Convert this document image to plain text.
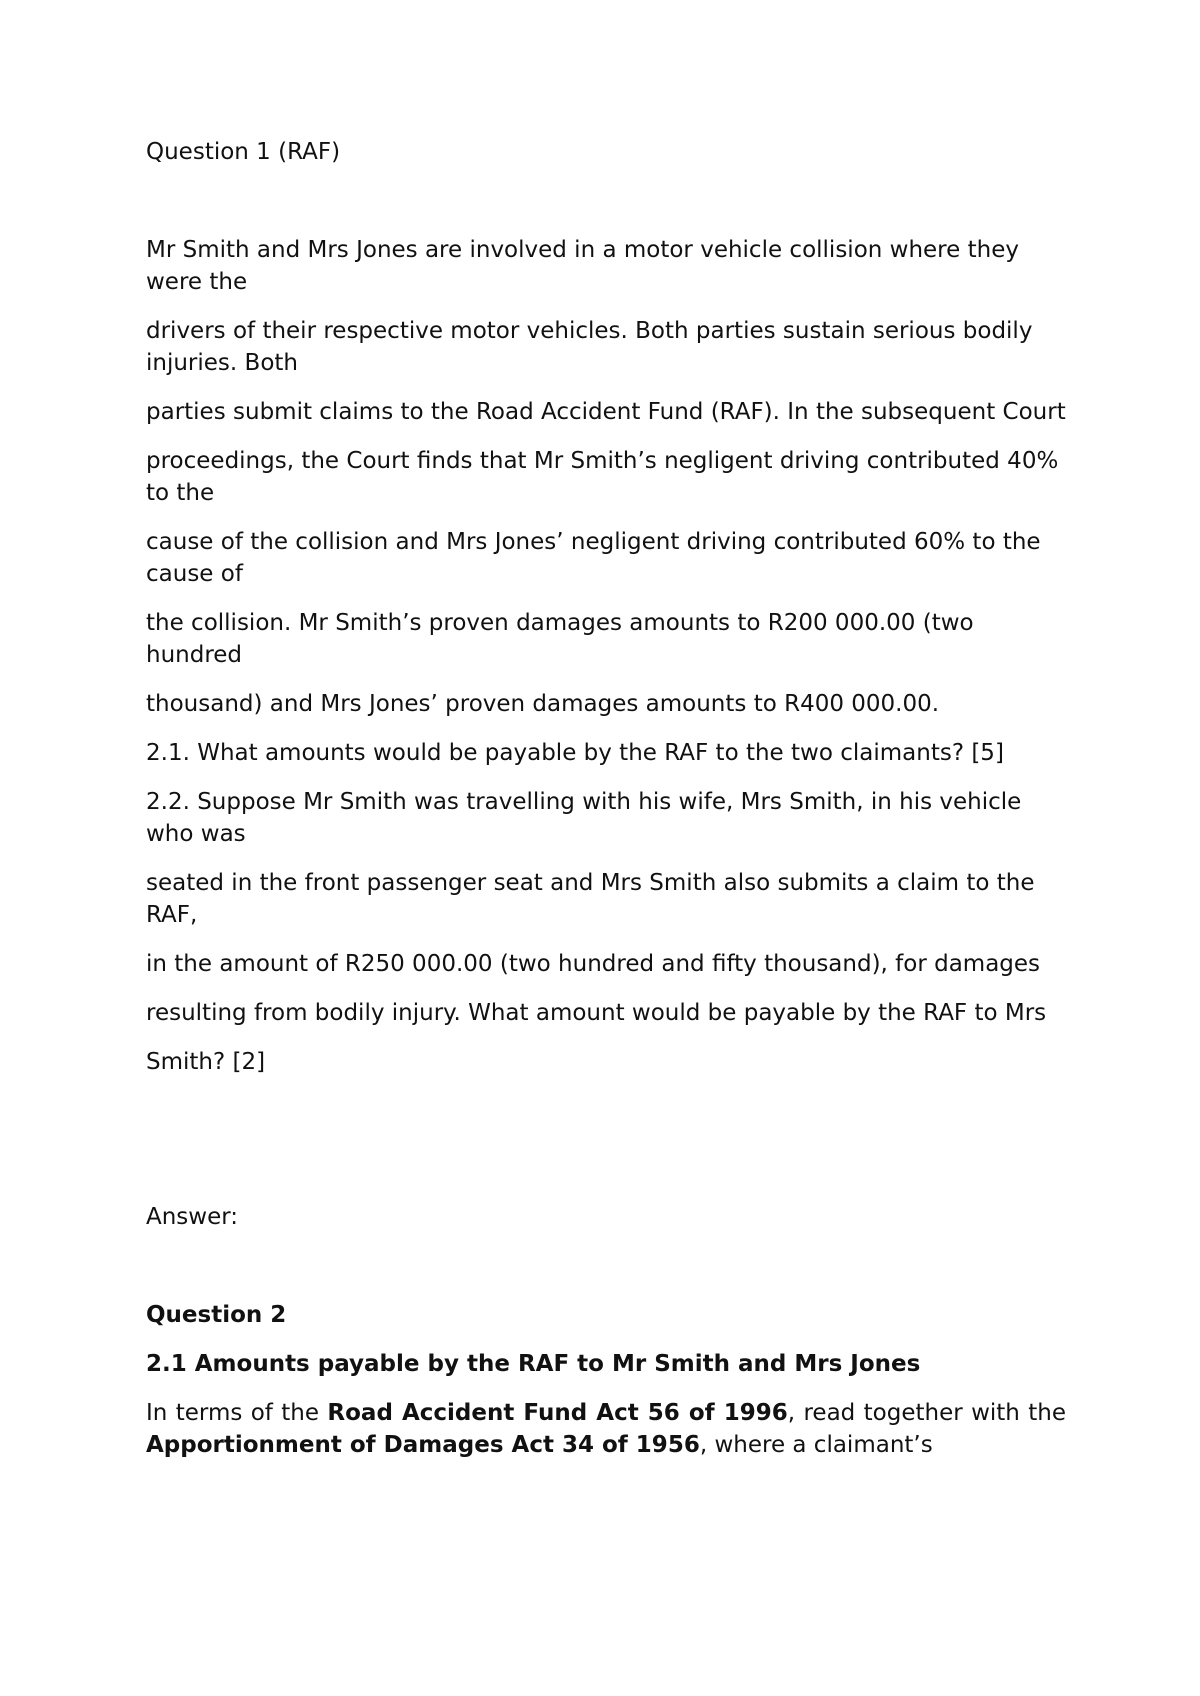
Question 1 (RAF)

Mr Smith and Mrs Jones are involved in a motor vehicle collision where they were the

drivers of their respective motor vehicles. Both parties sustain serious bodily injuries. Both

parties submit claims to the Road Accident Fund (RAF). In the subsequent Court

proceedings, the Court finds that Mr Smith’s negligent driving contributed 40% to the

cause of the collision and Mrs Jones’ negligent driving contributed 60% to the cause of

the collision. Mr Smith’s proven damages amounts to R200 000.00 (two hundred

thousand) and Mrs Jones’ proven damages amounts to R400 000.00.

2.1. What amounts would be payable by the RAF to the two claimants? [5]

2.2. Suppose Mr Smith was travelling with his wife, Mrs Smith, in his vehicle who was

seated in the front passenger seat and Mrs Smith also submits a claim to the RAF,

in the amount of R250 000.00 (two hundred and fifty thousand), for damages

resulting from bodily injury. What amount would be payable by the RAF to Mrs

Smith? [2]

Answer:

Question 2

2.1 Amounts payable by the RAF to Mr Smith and Mrs Jones

In terms of the Road Accident Fund Act 56 of 1996, read together with the Apportionment of Damages Act 34 of 1956, where a claimant’s
